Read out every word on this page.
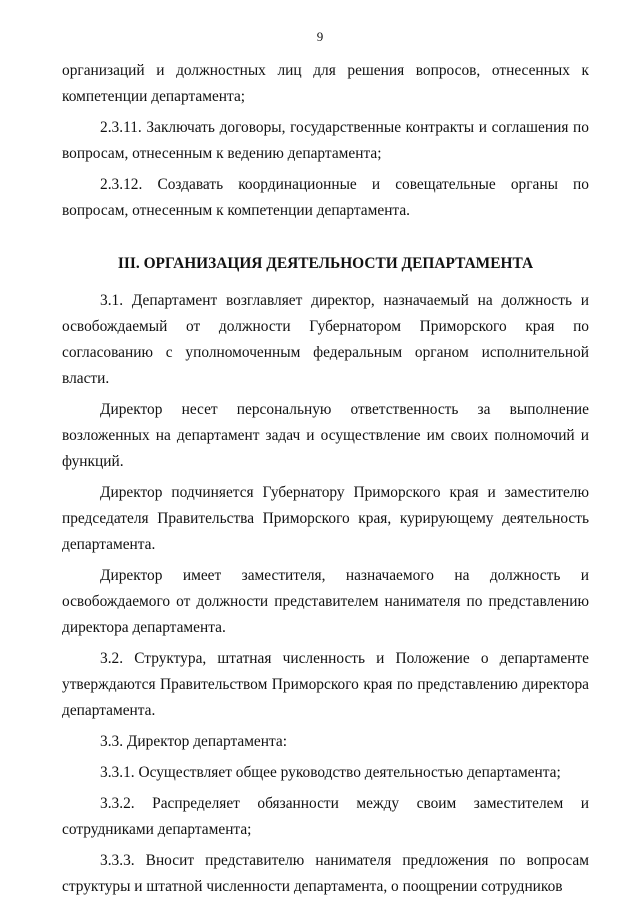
9

организаций и должностных лиц для решения вопросов, отнесенных к компетенции департамента;

2.3.11. Заключать договоры, государственные контракты и соглашения по вопросам, отнесенным к ведению департамента;

2.3.12. Создавать координационные и совещательные органы по вопросам, отнесенным к компетенции департамента.

III. ОРГАНИЗАЦИЯ ДЕЯТЕЛЬНОСТИ ДЕПАРТАМЕНТА

3.1. Департамент возглавляет директор, назначаемый на должность и освобождаемый от должности Губернатором Приморского края по согласованию с уполномоченным федеральным органом исполнительной власти.

Директор несет персональную ответственность за выполнение возложенных на департамент задач и осуществление им своих полномочий и функций.

Директор подчиняется Губернатору Приморского края и заместителю председателя Правительства Приморского края, курирующему деятельность департамента.

Директор имеет заместителя, назначаемого на должность и освобождаемого от должности представителем нанимателя по представлению директора департамента.

3.2. Структура, штатная численность и Положение о департаменте утверждаются Правительством Приморского края по представлению директора департамента.

3.3. Директор департамента:

3.3.1. Осуществляет общее руководство деятельностью департамента;

3.3.2. Распределяет обязанности между своим заместителем и сотрудниками департамента;

3.3.3. Вносит представителю нанимателя предложения по вопросам структуры и штатной численности департамента, о поощрении сотрудников
